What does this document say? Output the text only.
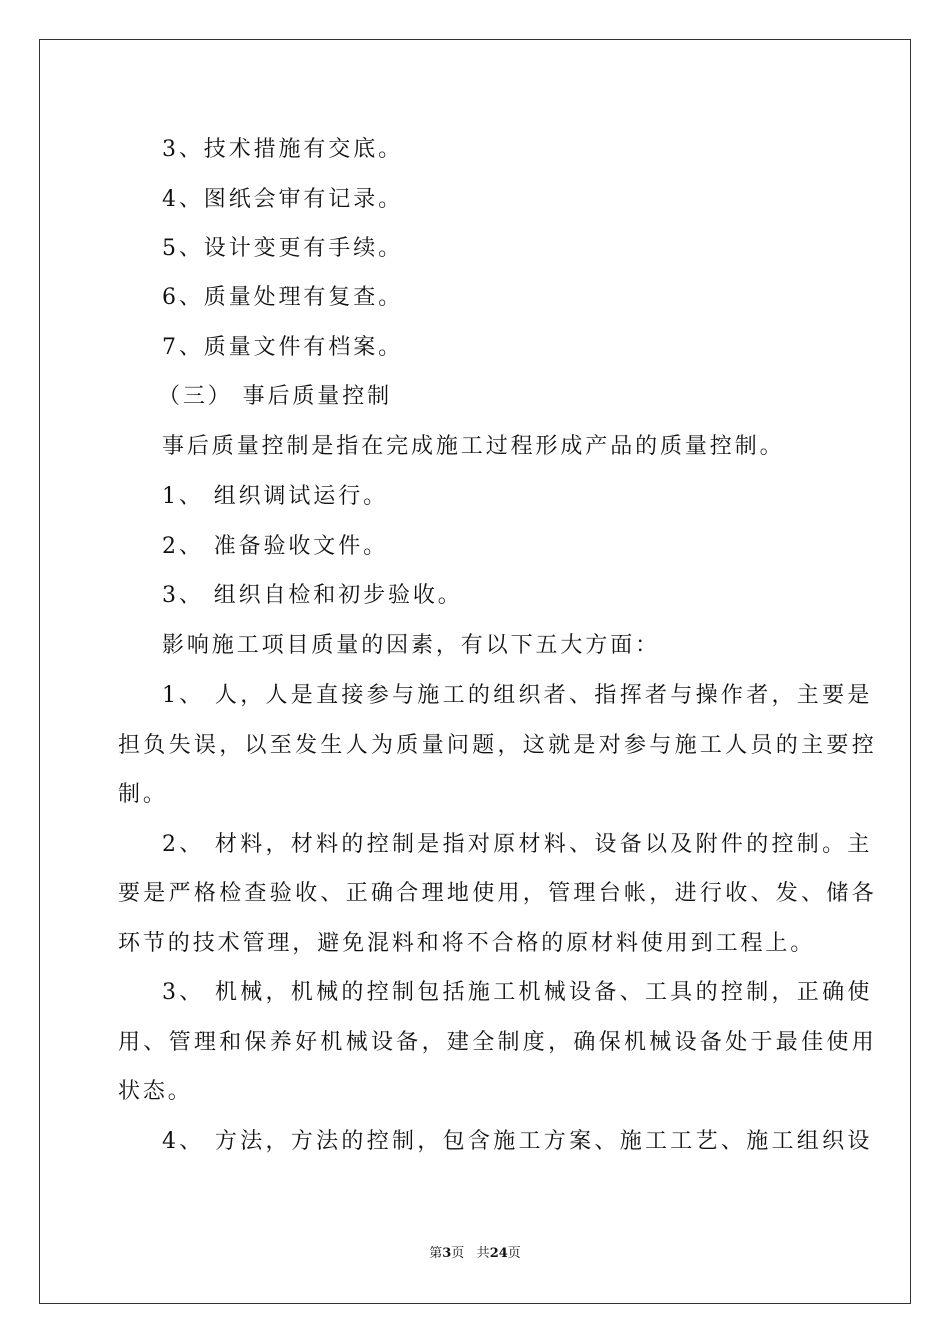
3、技术措施有交底。
4、图纸会审有记录。
5、设计变更有手续。
6、质量处理有复查。
7、质量文件有档案。
（三） 事后质量控制
事后质量控制是指在完成施工过程形成产品的质量控制。
1、 组织调试运行。
2、 准备验收文件。
3、 组织自检和初步验收。
影响施工项目质量的因素，有以下五大方面：
1、 人，人是直接参与施工的组织者、指挥者与操作者，主要是
担负失误，以至发生人为质量问题，这就是对参与施工人员的主要控
制。
2、 材料，材料的控制是指对原材料、设备以及附件的控制。主
要是严格检查验收、正确合理地使用，管理台帐，进行收、发、储各
环节的技术管理，避免混料和将不合格的原材料使用到工程上。
3、 机械，机械的控制包括施工机械设备、工具的控制，正确使
用、管理和保养好机械设备，建全制度，确保机械设备处于最佳使用
状态。
4、 方法，方法的控制，包含施工方案、施工工艺、施工组织设
第3页 共24页
